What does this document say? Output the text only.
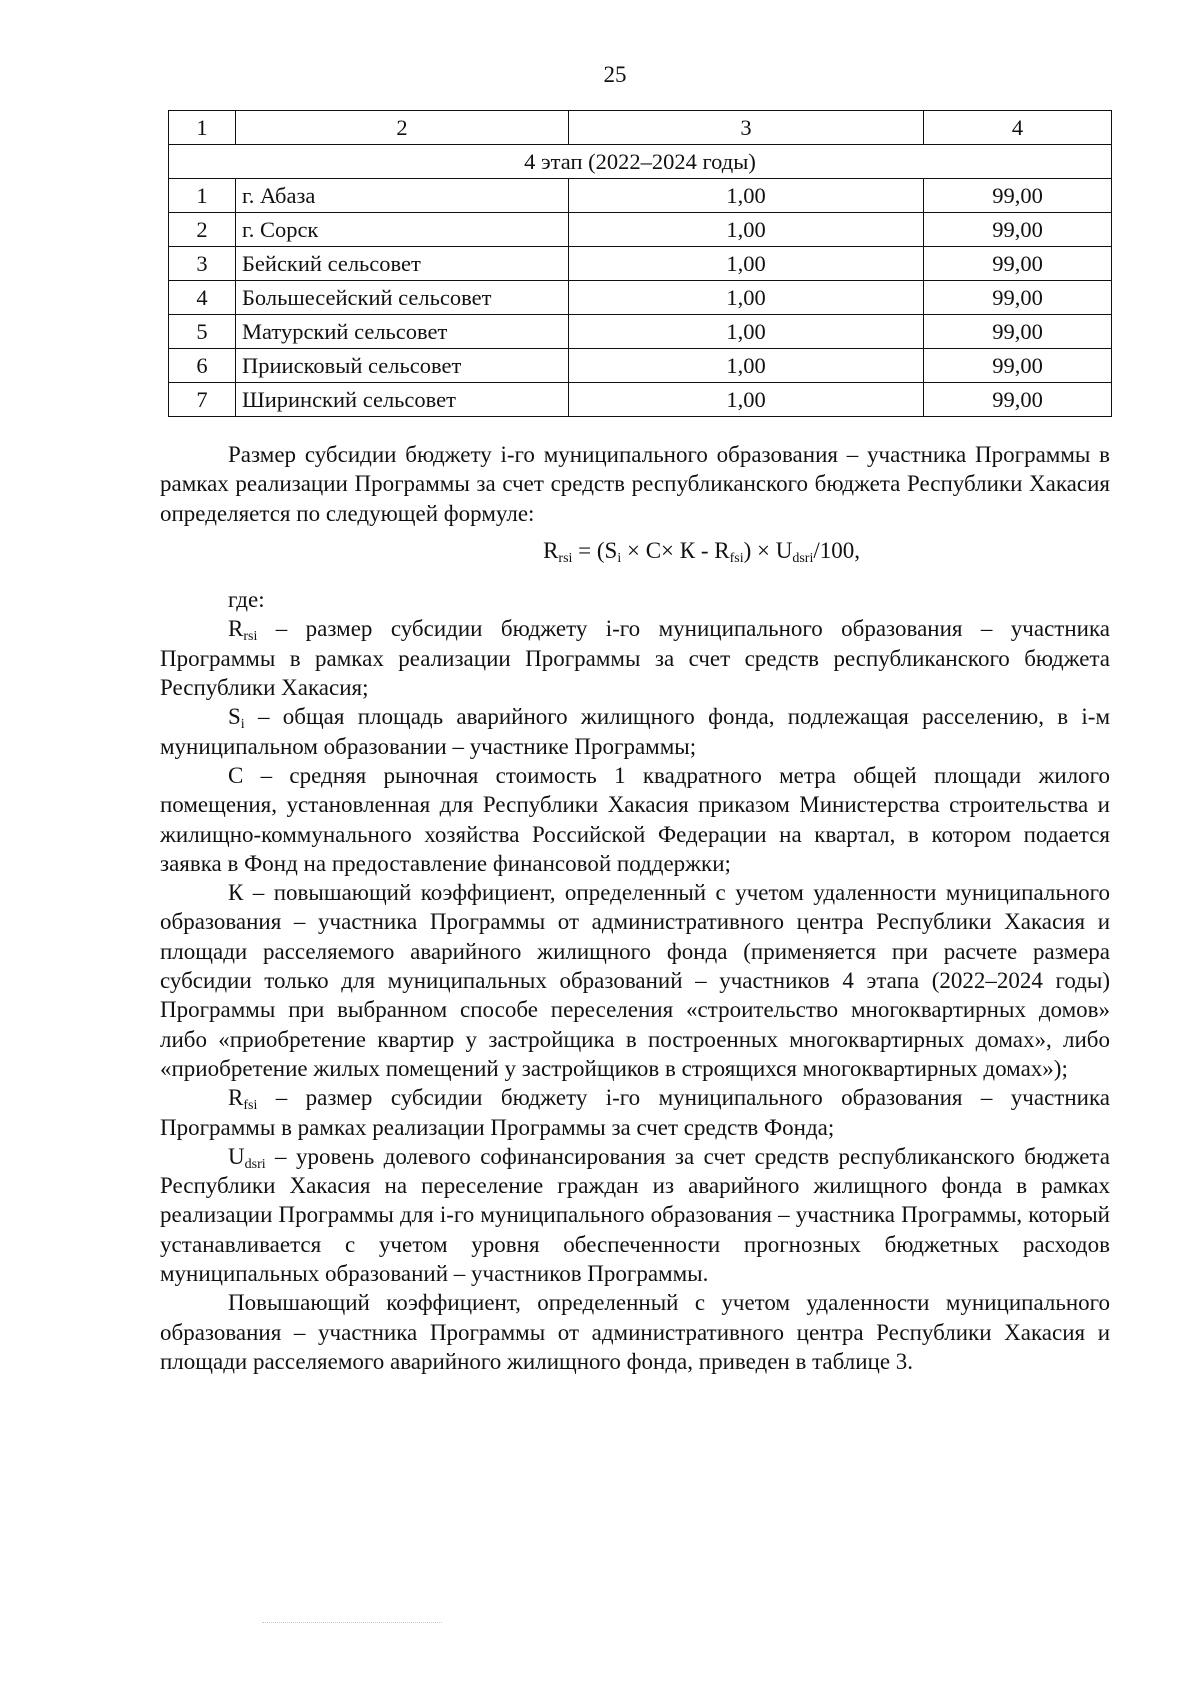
25
1	2	3	4
4 этап (2022–2024 годы)			
1	г. Абаза	1,00	99,00
2	г. Сорск	1,00	99,00
3	Бейский сельсовет	1,00	99,00
4	Большесейский сельсовет	1,00	99,00
5	Матурский сельсовет	1,00	99,00
6	Приисковый сельсовет	1,00	99,00
7	Ширинский сельсовет	1,00	99,00

Размер субсидии бюджету i-го муниципального образования – участника Программы в рамках реализации Программы за счет средств республиканского бюджета Республики Хакасия определяется по следующей формуле:

$R_{rsi} = (S_i \times С\times К - R_{fsi}) \times U_{dsri}/100$,

где:

$R_{rsi}$ – размер субсидии бюджету i-го муниципального образования – участника Программы в рамках реализации Программы за счет средств республиканского бюджета Республики Хакасия;

$S_i$ – общая площадь аварийного жилищного фонда, подлежащая расселению, в i-м муниципальном образовании – участнике Программы;

С – средняя рыночная стоимость 1 квадратного метра общей площади жилого помещения, установленная для Республики Хакасия приказом Министерства строительства и жилищно-коммунального хозяйства Российской Федерации на квартал, в котором подается заявка в Фонд на предоставление финансовой поддержки;

К – повышающий коэффициент, определенный с учетом удаленности муниципального образования – участника Программы от административного центра Республики Хакасия и площади расселяемого аварийного жилищного фонда (применяется при расчете размера субсидии только для муниципальных образований – участников 4 этапа (2022–2024 годы) Программы при выбранном способе переселения «строительство многоквартирных домов» либо «приобретение квартир у застройщика в построенных многоквартирных домах», либо «приобретение жилых помещений у застройщиков в строящихся многоквартирных домах»);

$R_{fsi}$ – размер субсидии бюджету i-го муниципального образования – участника Программы в рамках реализации Программы за счет средств Фонда;

$U_{dsri}$ – уровень долевого софинансирования за счет средств республиканского бюджета Республики Хакасия на переселение граждан из аварийного жилищного фонда в рамках реализации Программы для i-го муниципального образования – участника Программы, который устанавливается с учетом уровня обеспеченности прогнозных бюджетных расходов муниципальных образований – участников Программы.

Повышающий коэффициент, определенный с учетом удаленности муниципального образования – участника Программы от административного центра Республики Хакасия и площади расселяемого аварийного жилищного фонда, приведен в таблице 3.
